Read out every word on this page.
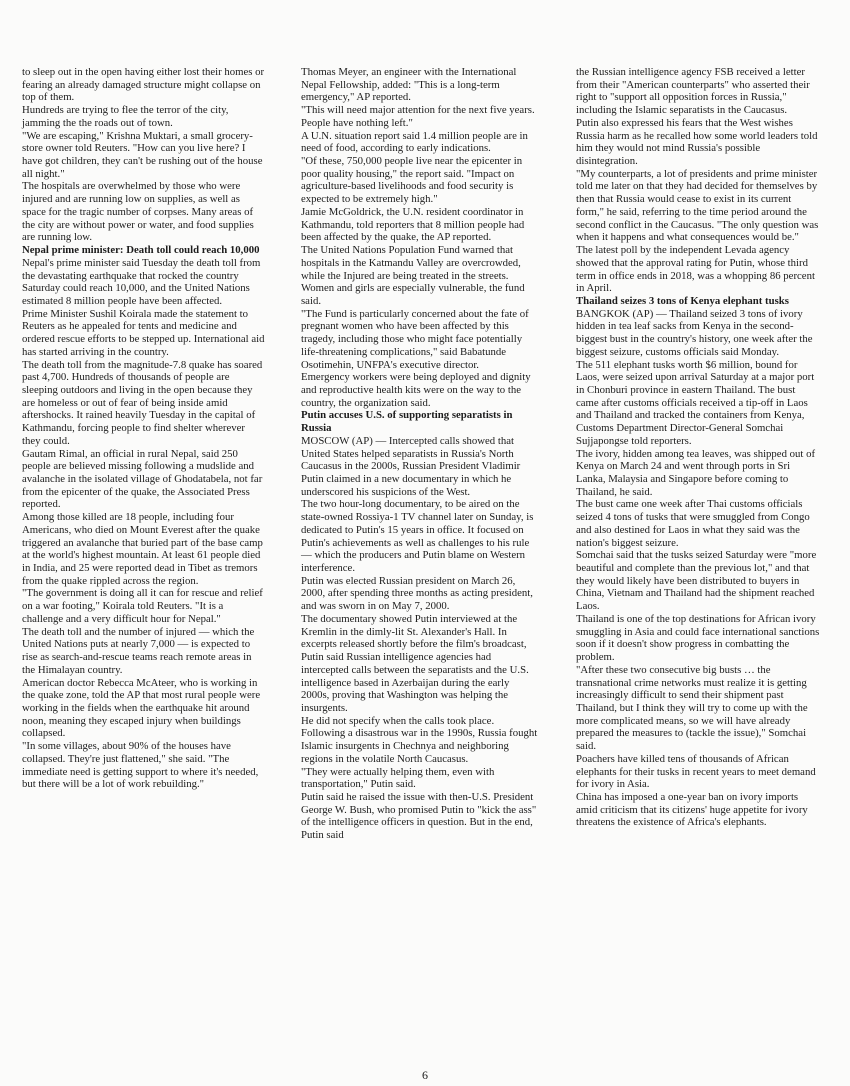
to sleep out in the open having either lost their homes or fearing an already damaged structure might collapse on top of them.

Hundreds are trying to flee the terror of the city, jamming the the roads out of town.

"We are escaping," Krishna Muktari, a small grocery-store owner told Reuters. "How can you live here? I have got children, they can't be rushing out of the house all night."

The hospitals are overwhelmed by those who were injured and are running low on supplies, as well as space for the tragic number of corpses. Many areas of the city are without power or water, and food supplies are running low.

Nepal prime minister: Death toll could reach 10,000

Nepal's prime minister said Tuesday the death toll from the devastating earthquake that rocked the country Saturday could reach 10,000, and the United Nations estimated 8 million people have been affected.

Prime Minister Sushil Koirala made the statement to Reuters as he appealed for tents and medicine and ordered rescue efforts to be stepped up. International aid has started arriving in the country.

The death toll from the magnitude-7.8 quake has soared past 4,700. Hundreds of thousands of people are sleeping outdoors and living in the open because they are homeless or out of fear of being inside amid aftershocks. It rained heavily Tuesday in the capital of Kathmandu, forcing people to find shelter wherever they could.

Gautam Rimal, an official in rural Nepal, said 250 people are believed missing following a mudslide and avalanche in the isolated village of Ghodatabela, not far from the epicenter of the quake, the Associated Press reported.

Among those killed are 18 people, including four Americans, who died on Mount Everest after the quake triggered an avalanche that buried part of the base camp at the world's highest mountain. At least 61 people died in India, and 25 were reported dead in Tibet as tremors from the quake rippled across the region.

"The government is doing all it can for rescue and relief on a war footing," Koirala told Reuters. "It is a challenge and a very difficult hour for Nepal."

The death toll and the number of injured — which the United Nations puts at nearly 7,000 — is expected to rise as search-and-rescue teams reach remote areas in the Himalayan country.

American doctor Rebecca McAteer, who is working in the quake zone, told the AP that most rural people were working in the fields when the earthquake hit around noon, meaning they escaped injury when buildings collapsed.

"In some villages, about 90% of the houses have collapsed. They're just flattened," she said. "The immediate need is getting support to where it's needed, but there will be a lot of work rebuilding."

Thomas Meyer, an engineer with the International Nepal Fellowship, added: "This is a long-term emergency," AP reported.

"This will need major attention for the next five years. People have nothing left."

A U.N. situation report said 1.4 million people are in need of food, according to early indications.

"Of these, 750,000 people live near the epicenter in poor quality housing," the report said. "Impact on agriculture-based livelihoods and food security is expected to be extremely high."

Jamie McGoldrick, the U.N. resident coordinator in Kathmandu, told reporters that 8 million people had been affected by the quake, the AP reported.

The United Nations Population Fund warned that hospitals in the Katmandu Valley are overcrowded, while the Injured are being treated in the streets. Women and girls are especially vulnerable, the fund said.

"The Fund is particularly concerned about the fate of pregnant women who have been affected by this tragedy, including those who might face potentially life-threatening complications," said Babatunde Osotimehin, UNFPA's executive director.

Emergency workers were being deployed and dignity and reproductive health kits were on the way to the country, the organization said.

Putin accuses U.S. of supporting separatists in Russia

MOSCOW (AP) — Intercepted calls showed that United States helped separatists in Russia's North Caucasus in the 2000s, Russian President Vladimir Putin claimed in a new documentary in which he underscored his suspicions of the West.

The two hour-long documentary, to be aired on the state-owned Rossiya-1 TV channel later on Sunday, is dedicated to Putin's 15 years in office. It focused on Putin's achievements as well as challenges to his rule — which the producers and Putin blame on Western interference.

Putin was elected Russian president on March 26, 2000, after spending three months as acting president, and was sworn in on May 7, 2000.

The documentary showed Putin interviewed at the Kremlin in the dimly-lit St. Alexander's Hall. In excerpts released shortly before the film's broadcast, Putin said Russian intelligence agencies had intercepted calls between the separatists and the U.S. intelligence based in Azerbaijan during the early 2000s, proving that Washington was helping the insurgents.

He did not specify when the calls took place. Following a disastrous war in the 1990s, Russia fought Islamic insurgents in Chechnya and neighboring regions in the volatile North Caucasus.

"They were actually helping them, even with transportation," Putin said.

Putin said he raised the issue with then-U.S. President George W. Bush, who promised Putin to "kick the ass" of the intelligence officers in question. But in the end, Putin said

the Russian intelligence agency FSB received a letter from their "American counterparts" who asserted their right to "support all opposition forces in Russia," including the Islamic separatists in the Caucasus.

Putin also expressed his fears that the West wishes Russia harm as he recalled how some world leaders told him they would not mind Russia's possible disintegration.

"My counterparts, a lot of presidents and prime minister told me later on that they had decided for themselves by then that Russia would cease to exist in its current form," he said, referring to the time period around the second conflict in the Caucasus. "The only question was when it happens and what consequences would be."

The latest poll by the independent Levada agency showed that the approval rating for Putin, whose third term in office ends in 2018, was a whopping 86 percent in April.

Thailand seizes 3 tons of Kenya elephant tusks

BANGKOK (AP) — Thailand seized 3 tons of ivory hidden in tea leaf sacks from Kenya in the second-biggest bust in the country's history, one week after the biggest seizure, customs officials said Monday.

The 511 elephant tusks worth $6 million, bound for Laos, were seized upon arrival Saturday at a major port in Chonburi province in eastern Thailand. The bust came after customs officials received a tip-off in Laos and Thailand and tracked the containers from Kenya, Customs Department Director-General Somchai Sujjapongse told reporters.

The ivory, hidden among tea leaves, was shipped out of Kenya on March 24 and went through ports in Sri Lanka, Malaysia and Singapore before coming to Thailand, he said.

The bust came one week after Thai customs officials seized 4 tons of tusks that were smuggled from Congo and also destined for Laos in what they said was the nation's biggest seizure.

Somchai said that the tusks seized Saturday were "more beautiful and complete than the previous lot," and that they would likely have been distributed to buyers in China, Vietnam and Thailand had the shipment reached Laos.

Thailand is one of the top destinations for African ivory smuggling in Asia and could face international sanctions soon if it doesn't show progress in combatting the problem.

"After these two consecutive big busts … the transnational crime networks must realize it is getting increasingly difficult to send their shipment past Thailand, but I think they will try to come up with the more complicated means, so we will have already prepared the measures to (tackle the issue)," Somchai said.

Poachers have killed tens of thousands of African elephants for their tusks in recent years to meet demand for ivory in Asia.

China has imposed a one-year ban on ivory imports amid criticism that its citizens' huge appetite for ivory threatens the existence of Africa's elephants.

6
